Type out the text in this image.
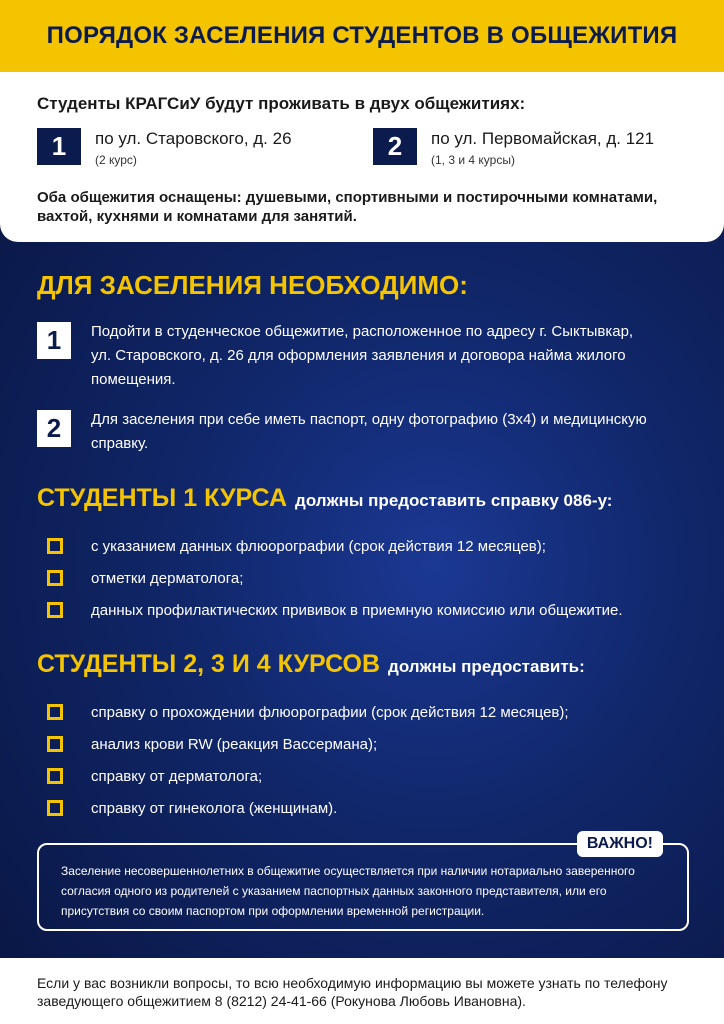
ПОРЯДОК ЗАСЕЛЕНИЯ СТУДЕНТОВ В ОБЩЕЖИТИЯ
Студенты КРАГСиУ будут проживать в двух общежитиях:
1	по ул. Старовского, д. 26
(2 курс)	2	по ул. Первомайская, д. 121
(1, 3 и 4 курсы)
Оба общежития оснащены: душевыми, спортивными и постирочными комнатами, вахтой, кухнями и комнатами для занятий.
ДЛЯ ЗАСЕЛЕНИЯ НЕОБХОДИМО:
1	Подойти в студенческое общежитие, расположенное по адресу г. Сыктывкар, ул. Старовского, д. 26 для оформления заявления и договора найма жилого помещения.
2	Для заселения при себе иметь паспорт, одну фотографию (3х4) и медицинскую справку.
СТУДЕНТЫ 1 КУРСА должны предоставить справку 086-у:
с указанием данных флюорографии (срок действия 12 месяцев);
отметки дерматолога;
данных профилактических прививок в приемную комиссию или общежитие.
СТУДЕНТЫ 2, 3 И 4 КУРСОВ должны предоставить:
справку о прохождении флюорографии (срок действия 12 месяцев);
анализ крови RW (реакция Вассермана);
справку от дерматолога;
справку от гинеколога (женщинам).
ВАЖНО!
Заселение несовершеннолетних в общежитие осуществляется при наличии нотариально заверенного согласия одного из родителей с указанием паспортных данных законного представителя, или его присутствия со своим паспортом при оформлении временной регистрации.
Если у вас возникли вопросы, то всю необходимую информацию вы можете узнать по телефону заведующего общежитием 8 (8212) 24-41-66 (Рокунова Любовь Ивановна).
